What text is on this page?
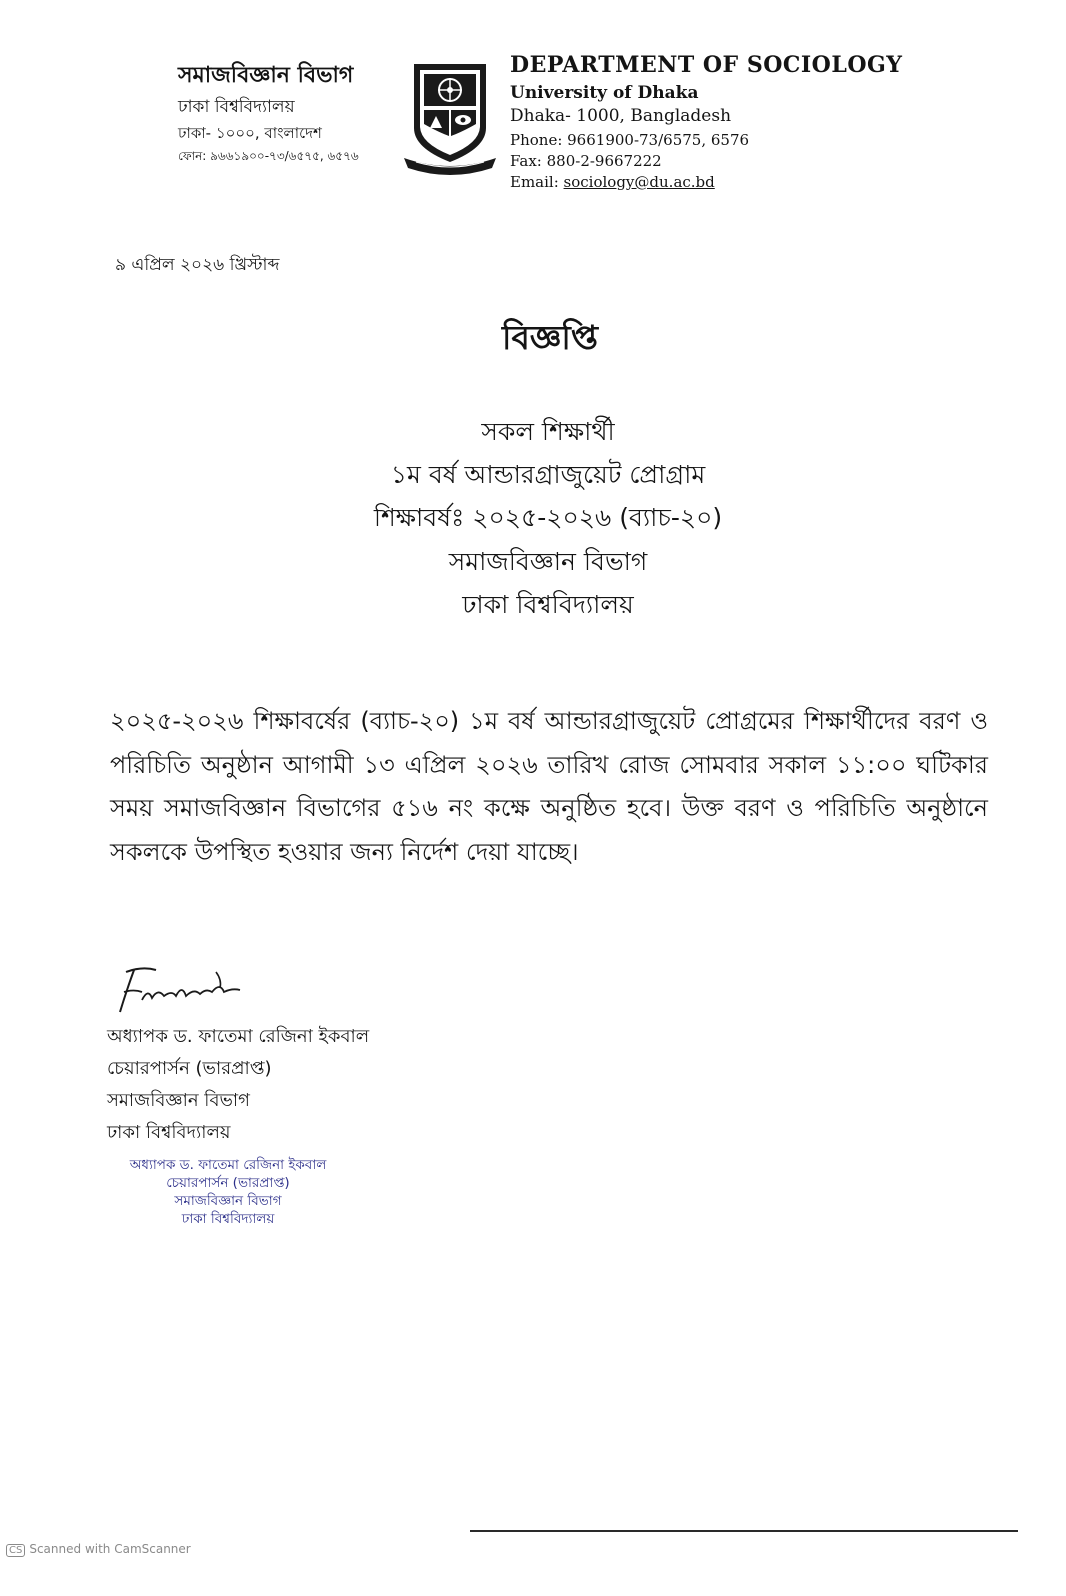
সমাজবিজ্ঞান বিভাগ
ঢাকা বিশ্ববিদ্যালয়
ঢাকা- ১০০০, বাংলাদেশ
ফোন: ৯৬৬১৯০০-৭৩/৬৫৭৫, ৬৫৭৬
DEPARTMENT OF SOCIOLOGY
University of Dhaka
Dhaka- 1000, Bangladesh
Phone: 9661900-73/6575, 6576
Fax: 880-2-9667222
Email: sociology@du.ac.bd
৯ এপ্রিল ২০২৬ খ্রিস্টাব্দ
বিজ্ঞপ্তি
সকল শিক্ষার্থী
১ম বর্ষ আন্ডারগ্রাজুয়েট প্রোগ্রাম
শিক্ষাবর্ষঃ ২০২৫-২০২৬ (ব্যাচ-২০)
সমাজবিজ্ঞান বিভাগ
ঢাকা বিশ্ববিদ্যালয়
২০২৫-২০২৬ শিক্ষাবর্ষের (ব্যাচ-২০) ১ম বর্ষ আন্ডারগ্রাজুয়েট প্রোগ্রমের শিক্ষার্থীদের বরণ ও পরিচিতি অনুষ্ঠান আগামী ১৩ এপ্রিল ২০২৬ তারিখ রোজ সোমবার সকাল ১১:০০ ঘটিকার সময় সমাজবিজ্ঞান বিভাগের ৫১৬ নং কক্ষে অনুষ্ঠিত হবে। উক্ত বরণ ও পরিচিতি অনুষ্ঠানে সকলকে উপস্থিত হওয়ার জন্য নির্দেশ দেয়া যাচ্ছে।
অধ্যাপক ড. ফাতেমা রেজিনা ইকবাল
চেয়ারপার্সন (ভারপ্রাপ্ত)
সমাজবিজ্ঞান বিভাগ
ঢাকা বিশ্ববিদ্যালয়
অধ্যাপক ড. ফাতেমা রেজিনা ইকবাল
চেয়ারপার্সন (ভারপ্রাপ্ত)
সমাজবিজ্ঞান বিভাগ
ঢাকা বিশ্ববিদ্যালয়
CS Scanned with CamScanner
